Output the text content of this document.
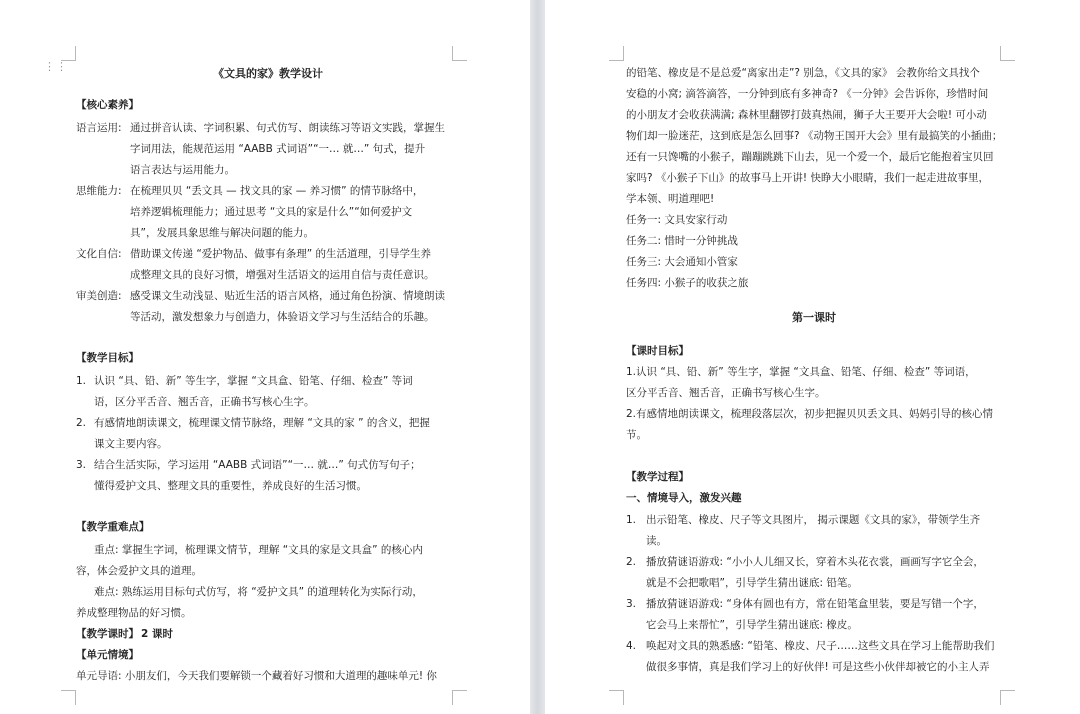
⋮⋮
《文具的家》教学设计
【核心素养】
语言运用: 通过拼音认读、字词积累、句式仿写、朗读练习等语文实践，掌握生
字词用法，能规范运用 “AABB 式词语”“一… 就…” 句式，提升
语言表达与运用能力。
思维能力: 在梳理贝贝 “丢文具 — 找文具的家 — 养习惯” 的情节脉络中，
培养逻辑梳理能力；通过思考 “文具的家是什么”“如何爱护文
具”，发展具象思维与解决问题的能力。
文化自信: 借助课文传递 “爱护物品、做事有条理” 的生活道理，引导学生养
成整理文具的良好习惯，增强对生活语文的运用自信与责任意识。
审美创造: 感受课文生动浅显、贴近生活的语言风格，通过角色扮演、情境朗读
等活动，激发想象力与创造力，体验语文学习与生活结合的乐趣。
【教学目标】
1. 认识 “具、铅、新” 等生字，掌握 “文具盒、铅笔、仔细、检查” 等词
语，区分平舌音、翘舌音，正确书写核心生字。
2. 有感情地朗读课文，梳理课文情节脉络，理解 “文具的家 ” 的含义，把握
课文主要内容。
3. 结合生活实际，学习运用 “AABB 式词语”“一… 就…” 句式仿写句子；
懂得爱护文具、整理文具的重要性，养成良好的生活习惯。
【教学重难点】
重点: 掌握生字词，梳理课文情节，理解 “文具的家是文具盒” 的核心内
容，体会爱护文具的道理。
难点: 熟练运用目标句式仿写，将 “爱护文具” 的道理转化为实际行动，
养成整理物品的好习惯。
【教学课时】 2 课时
【单元情境】
单元导语: 小朋友们，今天我们要解锁一个藏着好习惯和大道理的趣味单元! 你
的铅笔、橡皮是不是总爱“离家出走”? 别急，《文具的家》 会教你给文具找个
安稳的小窝; 滴答滴答，一分钟到底有多神奇? 《一分钟》会告诉你，珍惜时间
的小朋友才会收获满满; 森林里翻锣打鼓真热闹，狮子大王要开大会啦! 可小动
物们却一脸迷茫，这到底是怎么回事? 《动物王国开大会》里有最搞笑的小插曲；
还有一只馋嘴的小猴子，蹦蹦跳跳下山去，见一个爱一个，最后它能抱着宝贝回
家吗? 《小猴子下山》的故事马上开讲! 快睁大小眼睛，我们一起走进故事里，
学本领、明道理吧!
任务一: 文具安家行动
任务二: 惜时一分钟挑战
任务三: 大会通知小管家
任务四: 小猴子的收获之旅
第一课时
【课时目标】
1.认识 “具、铅、新” 等生字，掌握 “文具盒、铅笔、仔细、检查” 等词语，
区分平舌音、翘舌音，正确书写核心生字。
2.有感情地朗读课文，梳理段落层次，初步把握贝贝丢文具、妈妈引导的核心情
节。
【教学过程】
一、情境导入，激发兴趣
1. 出示铅笔、橡皮、尺子等文具图片， 揭示课题《文具的家》，带领学生齐
读。
2. 播放猜谜语游戏: “小小人儿细又长，穿着木头花衣裳，画画写字它全会，
就是不会把歌唱”，引导学生猜出谜底: 铅笔。
3. 播放猜谜语游戏: “身体有圆也有方，常在铅笔盒里装，要是写错一个字，
它会马上来帮忙”，引导学生猜出谜底: 橡皮。
4. 唤起对文具的熟悉感: “铅笔、橡皮、尺子……这些文具在学习上能帮助我们
做很多事情，真是我们学习上的好伙伴! 可是这些小伙伴却被它的小主人弄
